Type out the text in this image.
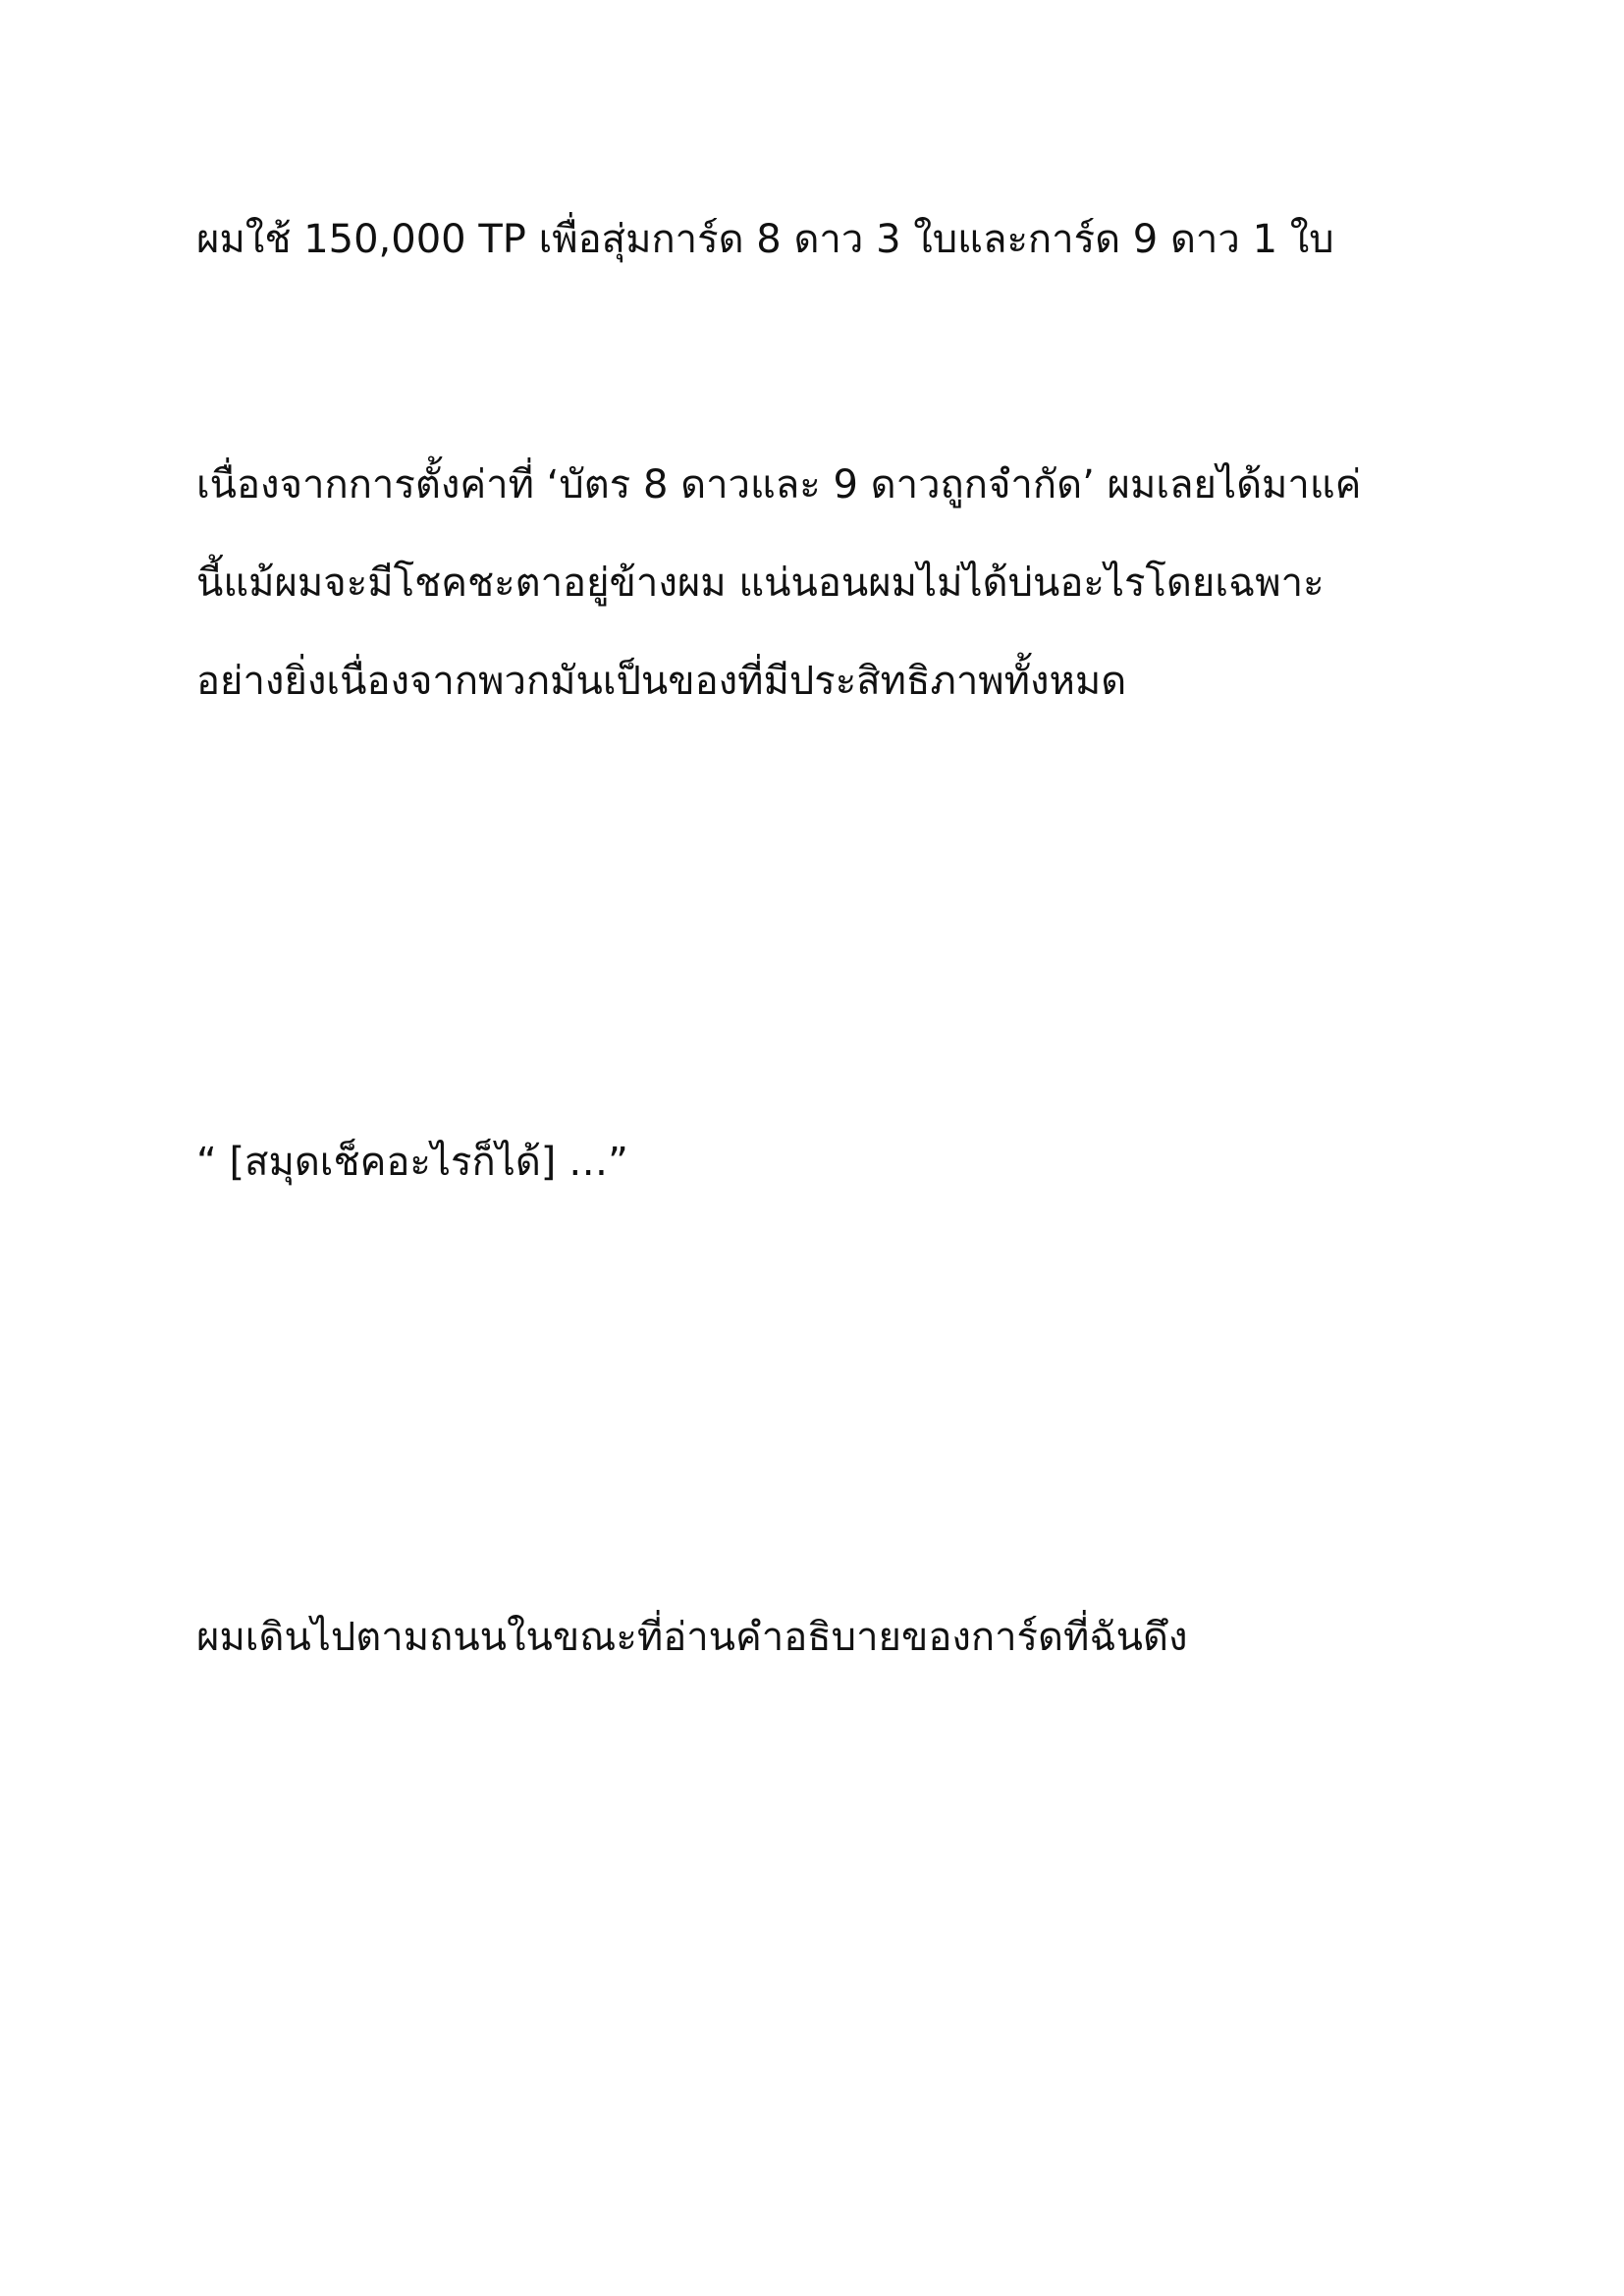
ผมใช้ 150,000 TP เพื่อสุ่มการ์ด 8 ดาว 3 ใบและการ์ด 9 ดาว 1 ใบ
เนื่องจากการตั้งค่าที่ ‘บัตร 8 ดาวและ 9 ดาวถูกจำกัด’ ผมเลยได้มาแค่
นี้แม้ผมจะมีโชคชะตาอยู่ข้างผม แน่นอนผมไม่ได้บ่นอะไรโดยเฉพาะ
อย่างยิ่งเนื่องจากพวกมันเป็นของที่มีประสิทธิภาพทั้งหมด
“ [สมุดเช็คอะไรก็ได้] …”
ผมเดินไปตามถนนในขณะที่อ่านคำอธิบายของการ์ดที่ฉันดึง
